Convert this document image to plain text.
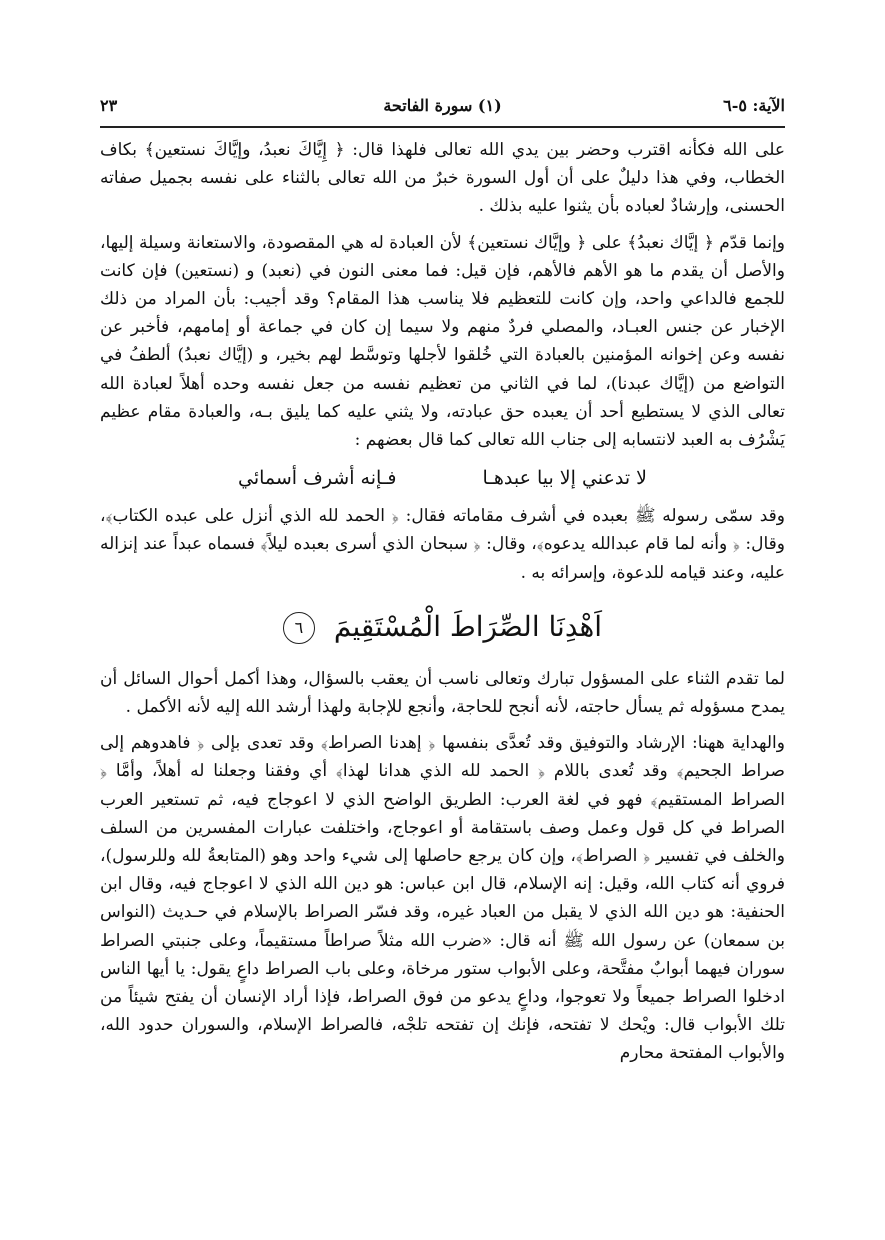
الآية: ٥-٦
(١) سورة الفاتحة
٢٣

على الله فكأنه اقترب وحضر بين يدي الله تعالى فلهذا قال: ﴿ إِيَّاكَ نعبدُ، وإيَّاكَ نستعين﴾ بكاف الخطاب، وفي هذا دليلٌ على أن أول السورة خبرٌ من الله تعالى بالثناء على نفسه بجميل صفاته الحسنى، وإرشادٌ لعباده بأن يثنوا عليه بذلك .

وإنما قدّم ﴿ إيَّاك نعبدُ﴾ على ﴿ وإيَّاك نستعين﴾ لأن العبادة له هي المقصودة، والاستعانة وسيلة إليها، والأصل أن يقدم ما هو الأهم فالأهم، فإن قيل: فما معنى النون في (نعبد) و (نستعين) فإن كانت للجمع فالداعي واحد، وإن كانت للتعظيم فلا يناسب هذا المقام؟ وقد أجيب: بأن المراد من ذلك الإخبار عن جنس العبـاد، والمصلي فردٌ منهم ولا سيما إن كان في جماعة أو إمامهم، فأخبر عن نفسه وعن إخوانه المؤمنين بالعبادة التي خُلقوا لأجلها وتوسَّط لهم بخير، و (إيَّاك نعبدُ) ألطفُ في التواضع من (إيَّاك عبدنا)، لما في الثاني من تعظيم نفسه من جعل نفسه وحده أهلاً لعبادة الله تعالى الذي لا يستطيع أحد أن يعبده حق عبادته، ولا يثني عليه كما يليق بـه، والعبادة مقام عظيم يَشْرُف به العبد لانتسابه إلى جناب الله تعالى كما قال بعضهم :

لا تدعني إلا بيا عبدهـا فـإنه أشرف أسمائي

وقد سمّى رسوله ﷺ بعبده في أشرف مقاماته فقال: ﴿ الحمد لله الذي أنزل على عبده الكتاب﴾، وقال: ﴿ وأنه لما قام عبدالله يدعوه﴾، وقال: ﴿ سبحان الذي أسرى بعبده ليلاً﴾ فسماه عبداً عند إنزاله عليه، وعند قيامه للدعوة، وإسرائه به .

اَهْدِنَا الصِّرَاطَ الْمُسْتَقِيمَ ٦

لما تقدم الثناء على المسؤول تبارك وتعالى ناسب أن يعقب بالسؤال، وهذا أكمل أحوال السائل أن يمدح مسؤوله ثم يسأل حاجته، لأنه أنجح للحاجة، وأنجع للإجابة ولهذا أرشد الله إليه لأنه الأكمل .

والهداية ههنا: الإرشاد والتوفيق وقد تُعدَّى بنفسها ﴿ إهدنا الصراط﴾ وقد تعدى بإلى ﴿ فاهدوهم إلى صراط الجحيم﴾ وقد تُعدى باللام ﴿ الحمد لله الذي هدانا لهذا﴾ أي وفقنا وجعلنا له أهلاً، وأمَّا ﴿ الصراط المستقيم﴾ فهو في لغة العرب: الطريق الواضح الذي لا اعوجاج فيه، ثم تستعير العرب الصراط في كل قول وعمل وصف باستقامة أو اعوجاج، واختلفت عبارات المفسرين من السلف والخلف في تفسير ﴿ الصراط﴾، وإن كان يرجع حاصلها إلى شيء واحد وهو (المتابعةُ لله وللرسول)، فروي أنه كتاب الله، وقيل: إنه الإسلام، قال ابن عباس: هو دين الله الذي لا اعوجاج فيه، وقال ابن الحنفية: هو دين الله الذي لا يقبل من العباد غيره، وقد فسّر الصراط بالإسلام في حـديث (النواس بن سمعان) عن رسول الله ﷺ أنه قال: «ضرب الله مثلاً صراطاً مستقيماً، وعلى جنبتي الصراط سوران فيهما أبوابٌ مفتَّحة، وعلى الأبواب ستور مرخاة، وعلى باب الصراط داعٍ يقول: يا أيها الناس ادخلوا الصراط جميعاً ولا تعوجوا، وداعٍ يدعو من فوق الصراط، فإذا أراد الإنسان أن يفتح شيئاً من تلك الأبواب قال: ويْحك لا تفتحه، فإنك إن تفتحه تلجْه، فالصراط الإسلام، والسوران حدود الله، والأبواب المفتحة محارم
